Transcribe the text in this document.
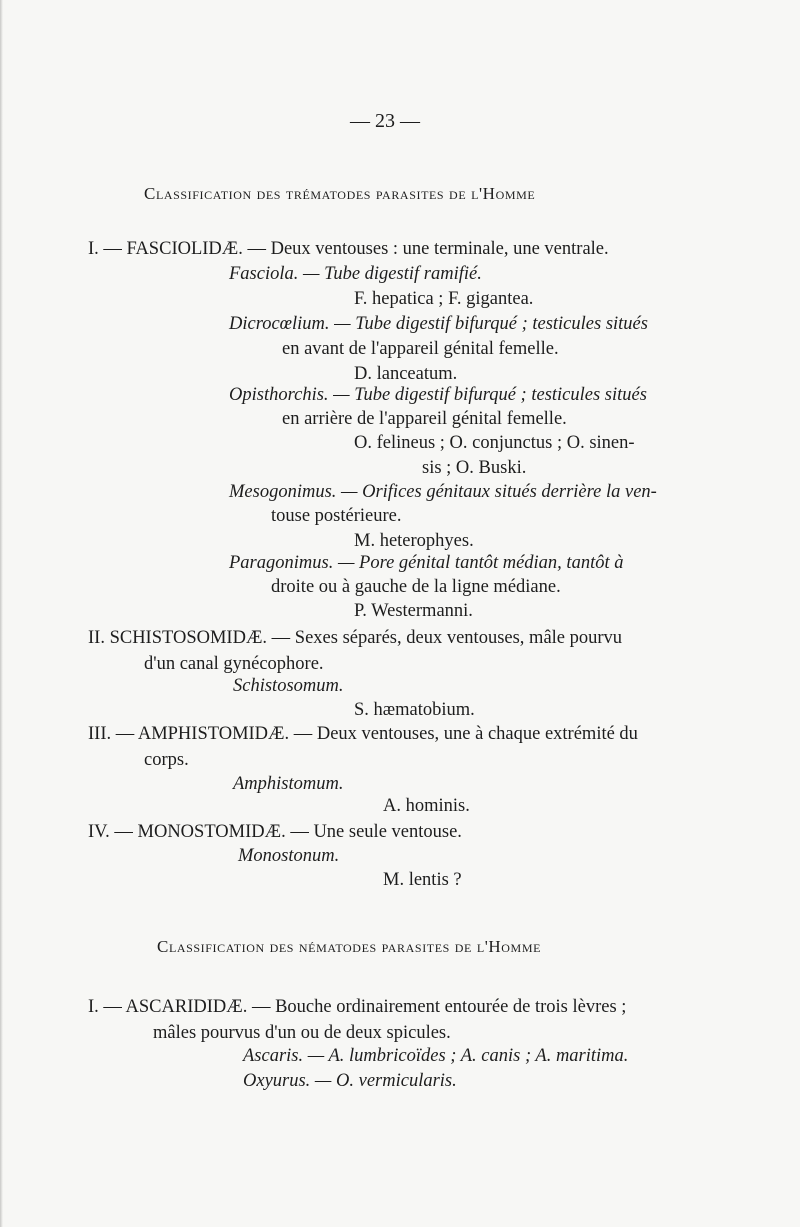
— 23 —
Classification des trématodes parasites de l'Homme
I. — FASCIOLIDÆ. — Deux ventouses : une terminale, une ventrale.
Fasciola. — Tube digestif ramifié.
F. hepatica ; F. gigantea.
Dicrocœlium. — Tube digestif bifurqué ; testicules situés
en avant de l'appareil génital femelle.
D. lanceatum.
Opisthorchis. — Tube digestif bifurqué ; testicules situés
en arrière de l'appareil génital femelle.
O. felineus ; O. conjunctus ; O. sinen-
sis ; O. Buski.
Mesogonimus. — Orifices génitaux situés derrière la ven-
touse postérieure.
M. heterophyes.
Paragonimus. — Pore génital tantôt médian, tantôt à
droite ou à gauche de la ligne médiane.
P. Westermanni.
II. SCHISTOSOMIDÆ. — Sexes séparés, deux ventouses, mâle pourvu
d'un canal gynécophore.
Schistosomum.
S. hæmatobium.
III. — AMPHISTOMIDÆ. — Deux ventouses, une à chaque extrémité du
corps.
Amphistomum.
A. hominis.
IV. — MONOSTOMIDÆ. — Une seule ventouse.
Monostonum.
M. lentis ?
Classification des nématodes parasites de l'Homme
I. — ASCARIDIDÆ. — Bouche ordinairement entourée de trois lèvres ;
mâles pourvus d'un ou de deux spicules.
Ascaris. — A. lumbricoïdes ; A. canis ; A. maritima.
Oxyurus. — O. vermicularis.
